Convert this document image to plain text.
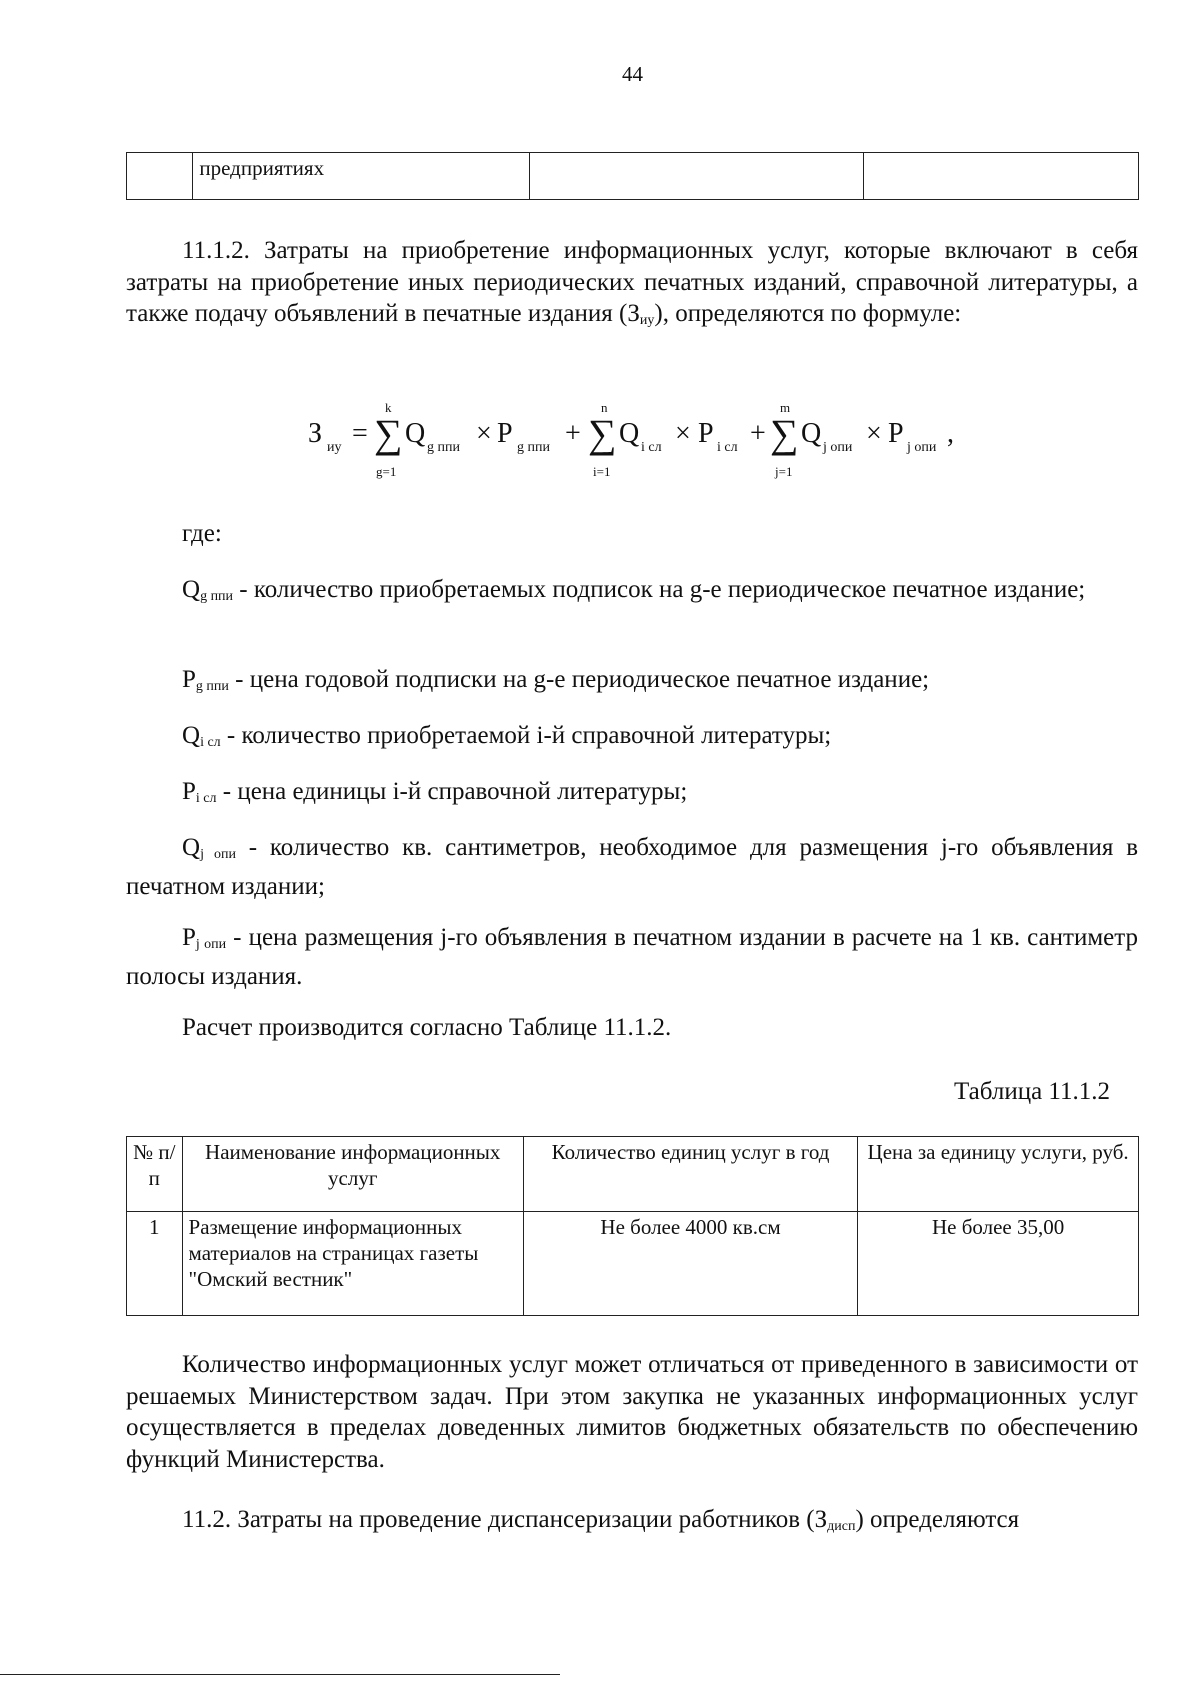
44
	предприятиях		
11.1.2. Затраты на приобретение информационных услуг, которые включают в себя затраты на приобретение иных периодических печатных изданий, справочной литературы, а также подачу объявлений в печатные издания $(З_{иу})$, определяются по формуле:
З иу =
k
∑
g=1
Q g ппи × P g ппи +
n
∑
i=1
Q i сл × P i сл +
m
∑
j=1
Q j опи × P j опи ,
где:
$Q_{g ппи}$ - количество приобретаемых подписок на g-е периодическое печатное издание;
$P_{g ппи}$ - цена годовой подписки на g-е периодическое печатное издание;
$Q_{i сл}$ - количество приобретаемой i-й справочной литературы;
$P_{i сл}$ - цена единицы i-й справочной литературы;
$Q_{j опи}$ - количество кв. сантиметров, необходимое для размещения j-го объявления в печатном издании;
$P_{j опи}$ - цена размещения j-го объявления в печатном издании в расчете на 1 кв. сантиметр полосы издания.
Расчет производится согласно Таблице 11.1.2.
Таблица 11.1.2
№ п/п	Наименование информационных услуг	Количество единиц услуг в год	Цена за единицу услуги, руб.
1	Размещение информационных материалов на страницах газеты "Омский вестник"	Не более 4000 кв.см	Не более 35,00
Количество информационных услуг может отличаться от приведенного в зависимости от решаемых Министерством задач. При этом закупка не указанных информационных услуг осуществляется в пределах доведенных лимитов бюджетных обязательств по обеспечению функций Министерства.
11.2. Затраты на проведение диспансеризации работников $(З_{дисп})$ определяются
